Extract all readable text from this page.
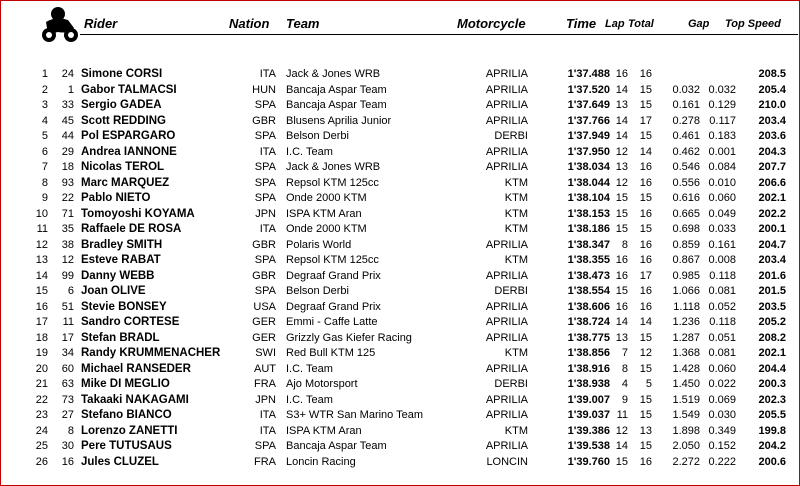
Rider	Nation Team	Motorcycle	Time Lap Total	Gap Top Speed
1	24 Simone CORSI	ITA Jack & Jones WRB	APRILIA	1'37.488 16	16	208.5
2	1 Gabor TALMACSI	HUN Bancaja Aspar Team	APRILIA	1'37.520 14	15	0.032 0.032	205.4
3	33 Sergio GADEA	SPA Bancaja Aspar Team	APRILIA	1'37.649 13	15	0.161 0.129	210.0
4	45 Scott REDDING	GBR Blusens Aprilia Junior	APRILIA	1'37.766 14	17	0.278 0.117	203.4
5	44 Pol ESPARGARO	SPA Belson Derbi	DERBI	1'37.949 14	15	0.461 0.183	203.6
6	29 Andrea IANNONE	ITA I.C. Team	APRILIA	1'37.950 12	14	0.462 0.001	204.3
7	18 Nicolas TEROL	SPA Jack & Jones WRB	APRILIA	1'38.034 13	16	0.546 0.084	207.7
8	93 Marc MARQUEZ	SPA Repsol KTM 125cc	KTM	1'38.044 12	16	0.556 0.010	206.6
9	22 Pablo NIETO	SPA Onde 2000 KTM	KTM	1'38.104 15	15	0.616 0.060	202.1
10	71 Tomoyoshi KOYAMA	JPN ISPA KTM Aran	KTM	1'38.153 15	16	0.665 0.049	202.2
11	35 Raffaele DE ROSA	ITA Onde 2000 KTM	KTM	1'38.186 15	15	0.698 0.033	200.1
12	38 Bradley SMITH	GBR Polaris World	APRILIA	1'38.347	8	16	0.859 0.161	204.7
13	12 Esteve RABAT	SPA Repsol KTM 125cc	KTM	1'38.355 16	16	0.867 0.008	203.4
14	99 Danny WEBB	GBR Degraaf Grand Prix	APRILIA	1'38.473 16	17	0.985 0.118	201.6
15	6 Joan OLIVE	SPA Belson Derbi	DERBI	1'38.554 15	16	1.066 0.081	201.5
16	51 Stevie BONSEY	USA Degraaf Grand Prix	APRILIA	1'38.606 16	16	1.118 0.052	203.5
17	11 Sandro CORTESE	GER Emmi - Caffe Latte	APRILIA	1'38.724 14	14	1.236 0.118	205.2
18	17 Stefan BRADL	GER Grizzly Gas Kiefer Racing	APRILIA	1'38.775 13	15	1.287 0.051	208.2
19	34 Randy KRUMMENACHER	SWI Red Bull KTM 125	KTM	1'38.856	7	12	1.368 0.081	202.1
20	60 Michael RANSEDER	AUT I.C. Team	APRILIA	1'38.916	8	15	1.428 0.060	204.4
21	63 Mike DI MEGLIO	FRA Ajo Motorsport	DERBI	1'38.938	4	5	1.450 0.022	200.3
22	73 Takaaki NAKAGAMI	JPN I.C. Team	APRILIA	1'39.007	9	15	1.519 0.069	202.3
23	27 Stefano BIANCO	ITA S3+ WTR San Marino Team	APRILIA	1'39.037 11	15	1.549 0.030	205.5
24	8 Lorenzo ZANETTI	ITA ISPA KTM Aran	KTM	1'39.386 12	13	1.898 0.349	199.8
25	30 Pere TUTUSAUS	SPA Bancaja Aspar Team	APRILIA	1'39.538 14	15	2.050 0.152	204.2
26	16 Jules CLUZEL	FRA Loncin Racing	LONCIN	1'39.760 15	16	2.272 0.222	200.6
